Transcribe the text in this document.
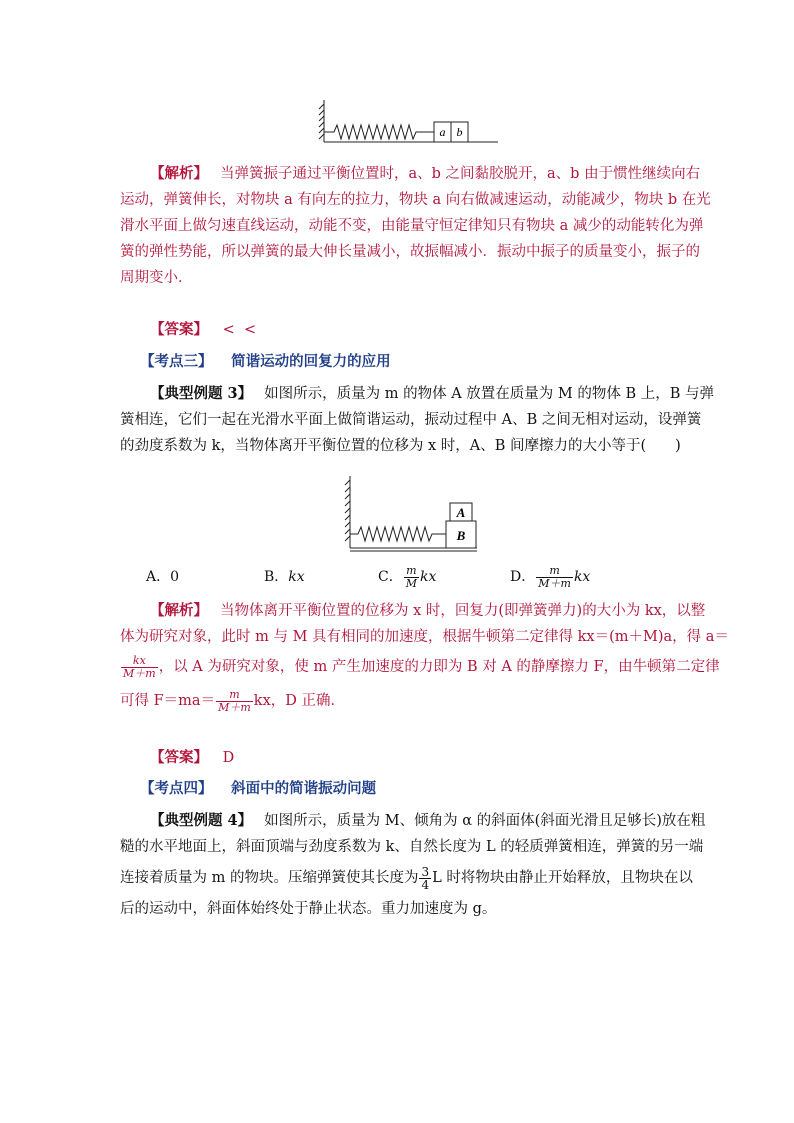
a b
【解析】 当弹簧振子通过平衡位置时，a、b 之间黏胶脱开，a、b 由于惯性继续向右
运动，弹簧伸长，对物块 a 有向左的拉力，物块 a 向右做减速运动，动能减少，物块 b 在光
滑水平面上做匀速直线运动，动能不变，由能量守恒定律知只有物块 a 减少的动能转化为弹
簧的弹性势能，所以弹簧的最大伸长量减小，故振幅减小．振动中振子的质量变小，振子的
周期变小．
【答案】 <  <
【考点三】 简谐运动的回复力的应用
【典型例题 3】 如图所示，质量为 m 的物体 A 放置在质量为 M 的物体 B 上，B 与弹
簧相连，它们一起在光滑水平面上做简谐运动，振动过程中 A、B 之间无相对运动，设弹簧
的劲度系数为 k，当物体离开平衡位置的位移为 x 时，A、B 间摩擦力的大小等于(　　)
A
B
A．0	B．kx	C． $\frac{m}{M}$ kx	D． $\frac{m}{M+m}$ kx
【解析】 当物体离开平衡位置的位移为 x 时，回复力(即弹簧弹力)的大小为 kx，以整
体为研究对象，此时 m 与 M 具有相同的加速度，根据牛顿第二定律得 kx＝(m＋M)a，得 a＝
$\frac{kx}{M+m}$ ，以 A 为研究对象，使 m 产生加速度的力即为 B 对 A 的静摩擦力 F，由牛顿第二定律
可得 $F=ma= \frac{m}{M+m}$ kx，D 正确．
【答案】 D
【考点四】 斜面中的简谐振动问题
【典型例题 4】 如图所示，质量为 M、倾角为 α 的斜面体(斜面光滑且足够长)放在粗
糙的水平地面上，斜面顶端与劲度系数为 k、自然长度为 L 的轻质弹簧相连，弹簧的另一端
连接着质量为 m 的物块。压缩弹簧使其长度为 $\frac{3}{4}$ L 时将物块由静止开始释放，且物块在以
后的运动中，斜面体始终处于静止状态。重力加速度为 g。
